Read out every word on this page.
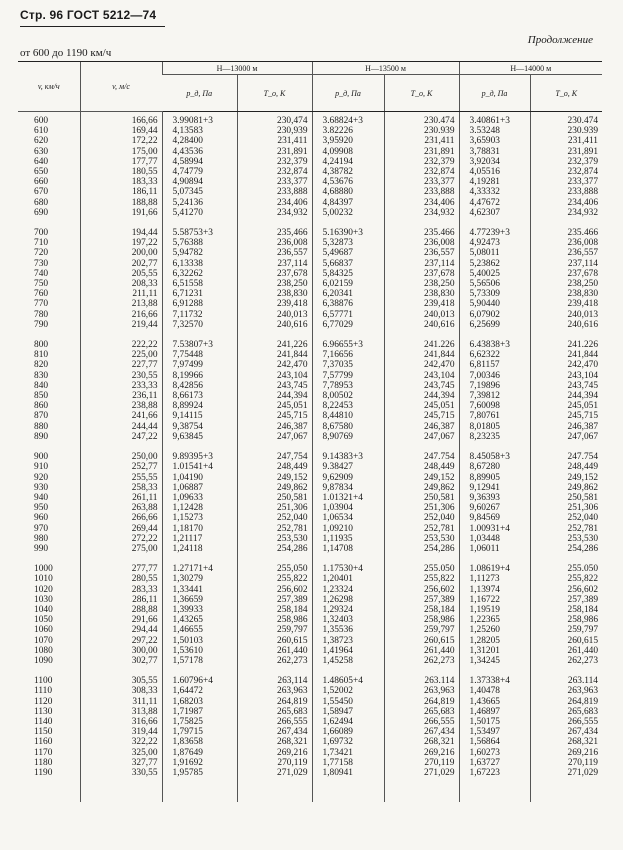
Стр. 96 ГОСТ 5212—74
Продолжение
от 600 до 1190 км/ч
v, км/ч	v, м/с	H—13000 м		H—13500 м		H—14000 м	
		p_д, Па	T_о, К	p_д, Па	T_о, К	p_д, Па	T_о, К
600	166,66	3.99081+3	230,474	3.68824+3	230.474	3.40861+3	230.474
610	169,44	4,13583	230,939	3.82226	230.939	3.53248	230.939
620	172,22	4,28400	231,411	3,95920	231,411	3,65903	231,411
630	175,00	4,43536	231,891	4,09908	231,891	3,78831	231,891
640	177,77	4,58994	232,379	4,24194	232,379	3,92034	232,379
650	180,55	4,74779	232,874	4,38782	232,874	4,05516	232,874
660	183,33	4,90894	233,377	4,53676	233,377	4,19281	233,377
670	186,11	5,07345	233,888	4,68880	233,888	4,33332	233,888
680	188,88	5,24136	234,406	4,84397	234,406	4,47672	234,406
690	191,66	5,41270	234,932	5,00232	234,932	4,62307	234,932
700	194,44	5.58753+3	235,466	5.16390+3	235.466	4.77239+3	235.466
710	197,22	5,76388	236,008	5,32873	236,008	4,92473	236,008
720	200,00	5,94782	236,557	5,49687	236,557	5,08011	236,557
730	202,77	6,13338	237,114	5,66837	237,114	5,23862	237,114
740	205,55	6,32262	237,678	5,84325	237,678	5,40025	237,678
750	208,33	6,51558	238,250	6,02159	238,250	5,56506	238,250
760	211,11	6,71231	238,830	6,20341	238,830	5,73309	238,830
770	213,88	6,91288	239,418	6,38876	239,418	5,90440	239,418
780	216,66	7,11732	240,013	6,57771	240,013	6,07902	240,013
790	219,44	7,32570	240,616	6,77029	240,616	6,25699	240,616
800	222,22	7.53807+3	241,226	6.96655+3	241.226	6.43838+3	241.226
810	225,00	7,75448	241,844	7,16656	241,844	6,62322	241,844
820	227,77	7,97499	242,470	7,37035	242,470	6,81157	242,470
830	230,55	8,19966	243,104	7,57799	243,104	7,00346	243,104
840	233,33	8,42856	243,745	7,78953	243,745	7,19896	243,745
850	236,11	8,66173	244,394	8,00502	244,394	7,39812	244,394
860	238,88	8,89924	245,051	8,22453	245,051	7,60098	245,051
870	241,66	9,14115	245,715	8,44810	245,715	7,80761	245,715
880	244,44	9,38754	246,387	8,67580	246,387	8,01805	246,387
890	247,22	9,63845	247,067	8,90769	247,067	8,23235	247,067
900	250,00	9.89395+3	247,754	9.14383+3	247.754	8.45058+3	247.754
910	252,77	1.01541+4	248,449	9.38427	248,449	8,67280	248,449
920	255,55	1,04190	249,152	9,62909	249,152	8,89905	249,152
930	258,33	1,06887	249,862	9,87834	249,862	9,12941	249,862
940	261,11	1,09633	250,581	1.01321+4	250,581	9,36393	250,581
950	263,88	1,12428	251,306	1,03904	251,306	9,60267	251,306
960	266,66	1,15273	252,040	1,06534	252,040	9,84569	252,040
970	269,44	1,18170	252,781	1,09210	252,781	1.00931+4	252,781
980	272,22	1,21117	253,530	1,11935	253,530	1,03448	253,530
990	275,00	1,24118	254,286	1,14708	254,286	1,06011	254,286
1000	277,77	1.27171+4	255,050	1.17530+4	255.050	1.08619+4	255.050
1010	280,55	1,30279	255,822	1,20401	255,822	1,11273	255,822
1020	283,33	1,33441	256,602	1,23324	256,602	1,13974	256,602
1030	286,11	1,36659	257,389	1,26298	257,389	1,16722	257,389
1040	288,88	1,39933	258,184	1,29324	258,184	1,19519	258,184
1050	291,66	1,43265	258,986	1,32403	258,986	1,22365	258,986
1060	294,44	1,46655	259,797	1,35536	259,797	1,25260	259,797
1070	297,22	1,50103	260,615	1,38723	260,615	1,28205	260,615
1080	300,00	1,53610	261,440	1,41964	261,440	1,31201	261,440
1090	302,77	1,57178	262,273	1,45258	262,273	1,34245	262,273
1100	305,55	1.60796+4	263,114	1.48605+4	263.114	1.37338+4	263.114
1110	308,33	1,64472	263,963	1,52002	263,963	1,40478	263,963
1120	311,11	1,68203	264,819	1,55450	264,819	1,43665	264,819
1130	313,88	1,71987	265,683	1,58947	265,683	1,46897	265,683
1140	316,66	1,75825	266,555	1,62494	266,555	1,50175	266,555
1150	319,44	1,79715	267,434	1,66089	267,434	1,53497	267,434
1160	322,22	1,83658	268,321	1,69732	268,321	1,56864	268,321
1170	325,00	1,87649	269,216	1,73421	269,216	1,60273	269,216
1180	327,77	1,91692	270,119	1,77158	270,119	1,63727	270,119
1190	330,55	1,95785	271,029	1,80941	271,029	1,67223	271,029
